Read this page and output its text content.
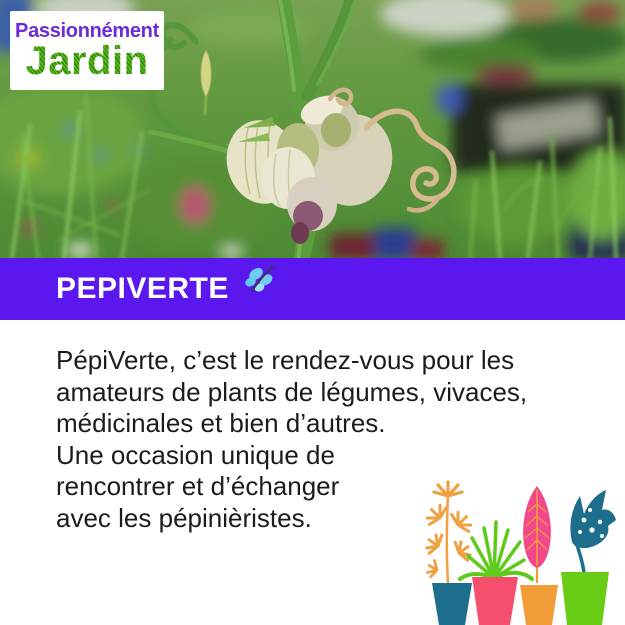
Passionnément
Jardin
PEPIVERTE
PépiVerte, c’est le rendez-vous pour les
amateurs de plants de légumes, vivaces,
médicinales et bien d’autres.
Une occasion unique de
rencontrer et d’échanger
avec les pépinièristes.
